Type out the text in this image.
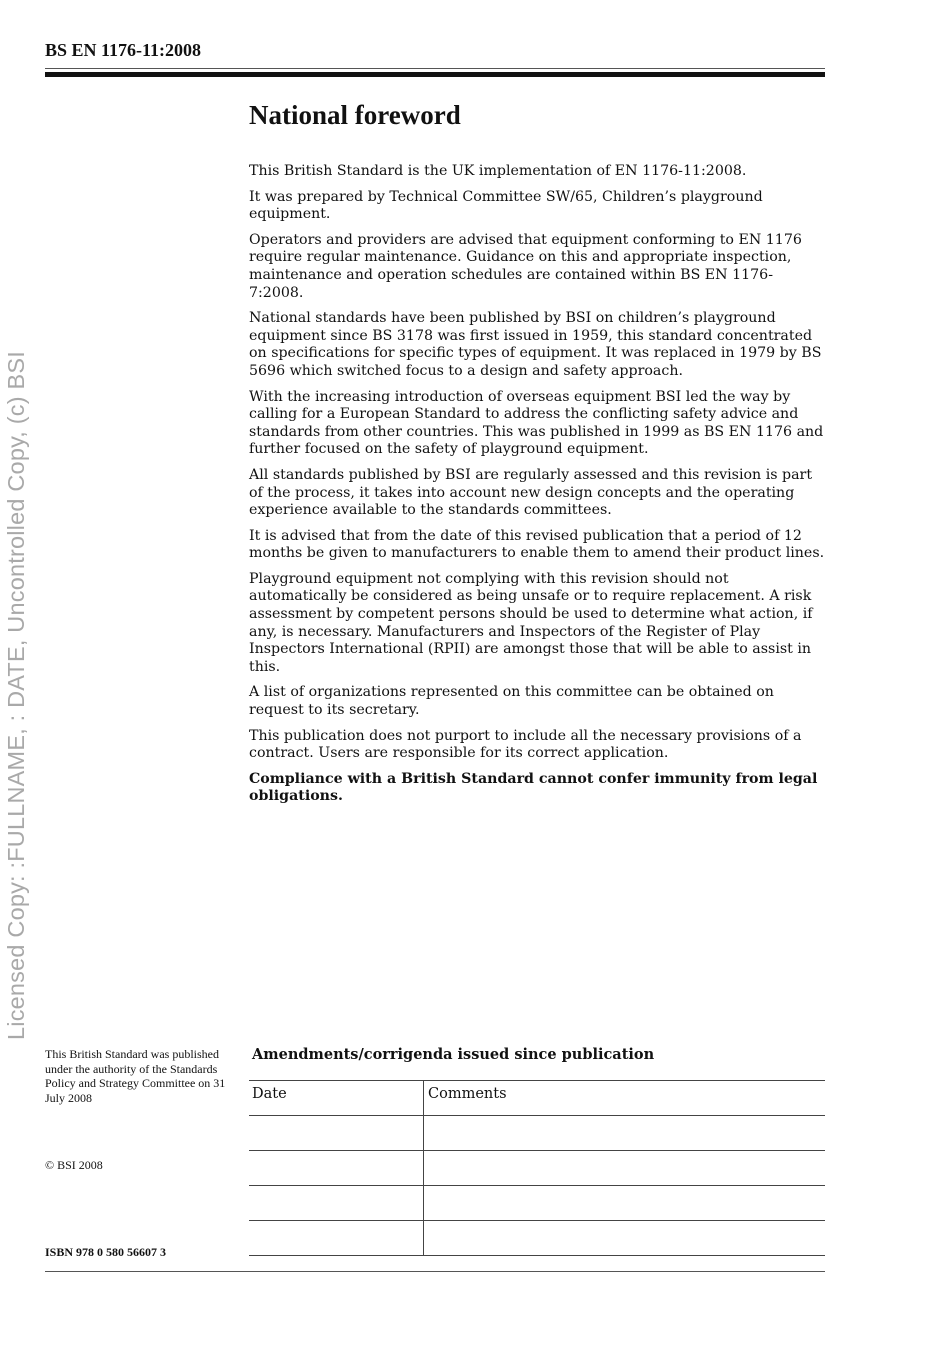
Licensed Copy: :FULLNAME, : DATE, Uncontrolled Copy, (c) BSI
BS EN 1176-11:2008
National foreword

This British Standard is the UK implementation of EN 1176-11:2008.

It was prepared by Technical Committee SW/65, Children’s playground equipment.

Operators and providers are advised that equipment conforming to EN 1176 require regular maintenance. Guidance on this and appropriate inspection, maintenance and operation schedules are contained within BS EN 1176-7:2008.

National standards have been published by BSI on children’s playground equipment since BS 3178 was first issued in 1959, this standard concentrated on specifications for specific types of equipment. It was replaced in 1979 by BS 5696 which switched focus to a design and safety approach.

With the increasing introduction of overseas equipment BSI led the way by calling for a European Standard to address the conflicting safety advice and standards from other countries. This was published in 1999 as BS EN 1176 and further focused on the safety of playground equipment.

All standards published by BSI are regularly assessed and this revision is part of the process, it takes into account new design concepts and the operating experience available to the standards committees.

It is advised that from the date of this revised publication that a period of 12 months be given to manufacturers to enable them to amend their product lines.

Playground equipment not complying with this revision should not automatically be considered as being unsafe or to require replacement. A risk assessment by competent persons should be used to determine what action, if any, is necessary. Manufacturers and Inspectors of the Register of Play Inspectors International (RPII) are amongst those that will be able to assist in this.

A list of organizations represented on this committee can be obtained on request to its secretary.

This publication does not purport to include all the necessary provisions of a contract. Users are responsible for its correct application.

Compliance with a British Standard cannot confer immunity from legal obligations.

This British Standard was published under the authority of the Standards Policy and Strategy Committee on 31 July 2008
© BSI 2008
ISBN 978 0 580 56607 3
Amendments/corrigenda issued since publication
Date	Comments
